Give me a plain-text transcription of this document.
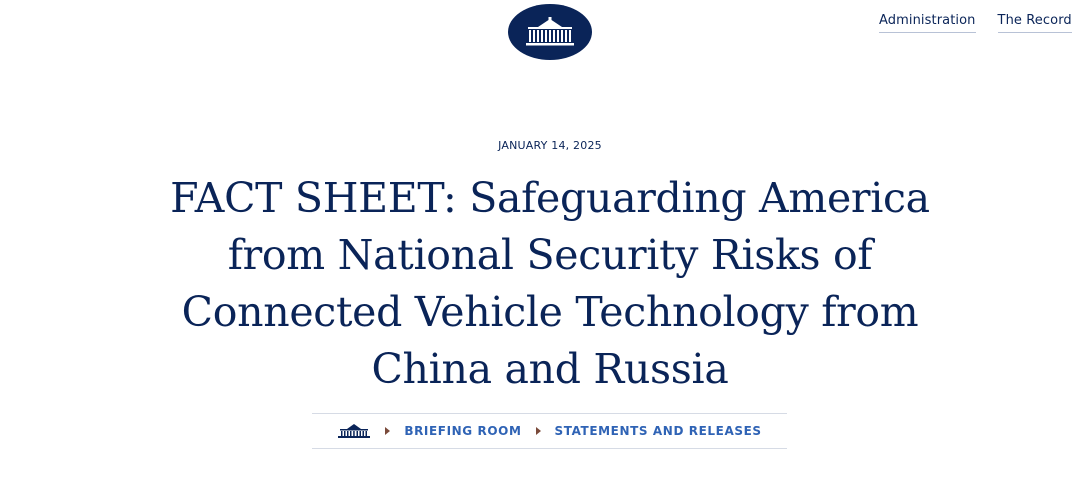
Administration The Record
JANUARY 14, 2025
FACT SHEET: Safeguarding America
from National Security Risks of
Connected Vehicle Technology from
China and Russia
BRIEFING ROOM	STATEMENTS AND RELEASES
